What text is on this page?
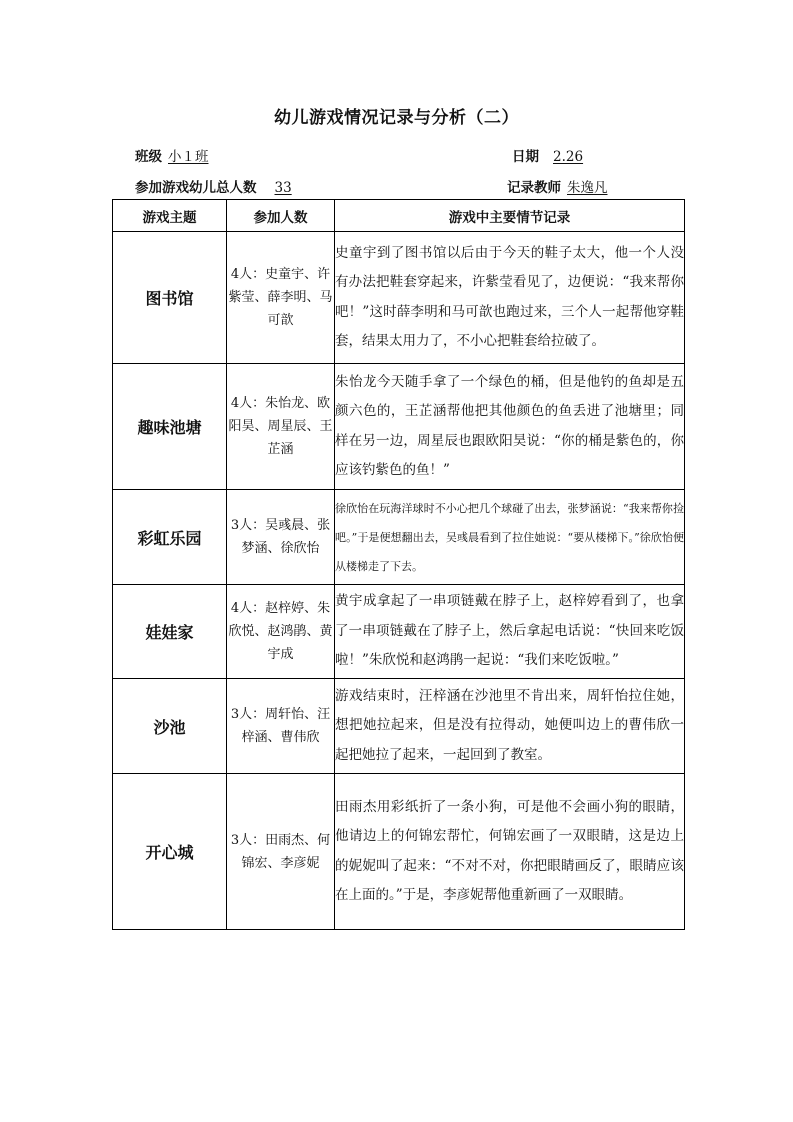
幼儿游戏情况记录与分析（二）
班级 小１班	日期 2.26
参加游戏幼儿总人数 33	记录教师 朱逸凡
游戏主题	参加人数	游戏中主要情节记录
图书馆	4人：史童宇、许紫莹、薛李明、马可歆	史童宇到了图书馆以后由于今天的鞋子太大，他一个人没有办法把鞋套穿起来，许紫莹看见了，边便说：“我来帮你吧！”这时薛李明和马可歆也跑过来，三个人一起帮他穿鞋套，结果太用力了，不小心把鞋套给拉破了。
趣味池塘	4人：朱怡龙、欧阳昊、周星辰、王芷涵	朱怡龙今天随手拿了一个绿色的桶，但是他钓的鱼却是五颜六色的，王芷涵帮他把其他颜色的鱼丢进了池塘里；同样在另一边，周星辰也跟欧阳昊说：“你的桶是紫色的，你应该钓紫色的鱼！”
彩虹乐园	3人：吴彧晨、张梦涵、徐欣怡	徐欣怡在玩海洋球时不小心把几个球碰了出去，张梦涵说：“我来帮你捡吧。”于是便想翻出去，吴彧晨看到了拉住她说：“要从楼梯下。”徐欣怡便从楼梯走了下去。
娃娃家	4人：赵梓婷、朱欣悦、赵鸿鹃、黄宇成	黄宇成拿起了一串项链戴在脖子上，赵梓婷看到了，也拿了一串项链戴在了脖子上，然后拿起电话说：“快回来吃饭啦！”朱欣悦和赵鸿鹃一起说：“我们来吃饭啦。”
沙池	3人：周轩怡、汪梓涵、曹伟欣	游戏结束时，汪梓涵在沙池里不肯出来，周轩怡拉住她，想把她拉起来，但是没有拉得动，她便叫边上的曹伟欣一起把她拉了起来，一起回到了教室。
开心城	3人：田雨杰、何锦宏、李彦妮	田雨杰用彩纸折了一条小狗，可是他不会画小狗的眼睛，他请边上的何锦宏帮忙，何锦宏画了一双眼睛，这是边上的妮妮叫了起来：“不对不对，你把眼睛画反了，眼睛应该在上面的。”于是，李彦妮帮他重新画了一双眼睛。
